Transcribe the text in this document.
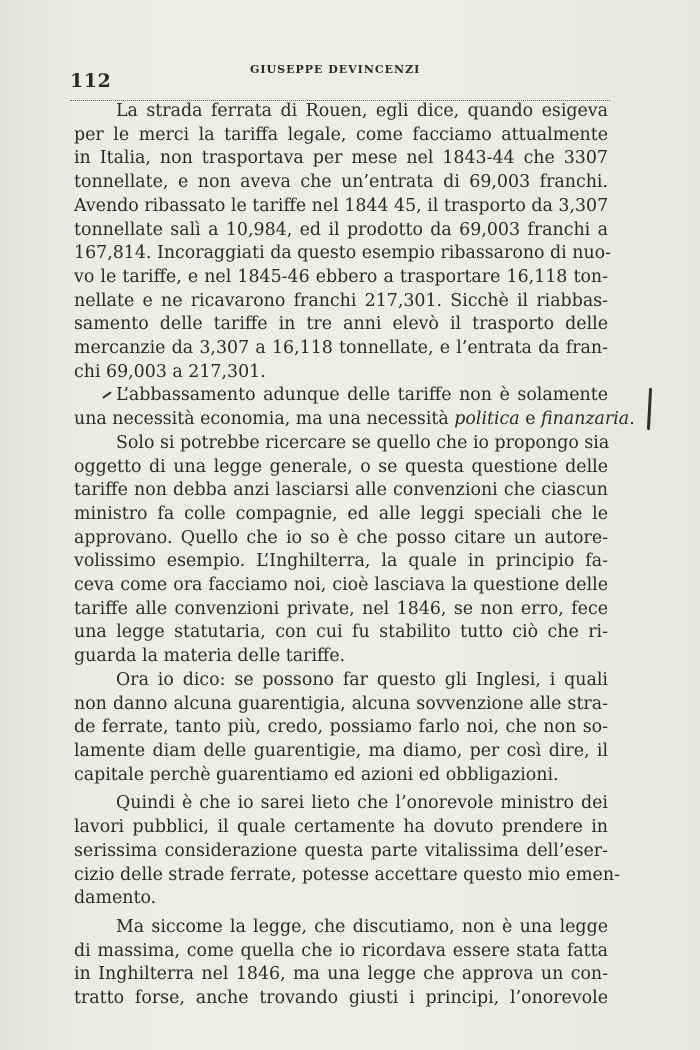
112
GIUSEPPE DEVINCENZI
La strada ferrata di Rouen, egli dice, quando esigeva
per le merci la tariffa legale, come facciamo attualmente
in Italia, non trasportava per mese nel 1843-44 che 3307
tonnellate, e non aveva che un’entrata di 69,003 franchi.
Avendo ribassato le tariffe nel 1844 45, il trasporto da 3,307
tonnellate salì a 10,984, ed il prodotto da 69,003 franchi a
167,814. Incoraggiati da questo esempio ribassarono di nuo-
vo le tariffe, e nel 1845-46 ebbero a trasportare 16,118 ton-
nellate e ne ricavarono franchi 217,301. Sicchè il riabbas-
samento delle tariffe in tre anni elevò il trasporto delle
mercanzie da 3,307 a 16,118 tonnellate, e l’entrata da fran-
chi 69,003 a 217,301.
L’abbassamento adunque delle tariffe non è solamente
una necessità economia, ma una necessità politica e finanzaria.
Solo si potrebbe ricercare se quello che io propongo sia
oggetto di una legge generale, o se questa questione delle
tariffe non debba anzi lasciarsi alle convenzioni che ciascun
ministro fa colle compagnie, ed alle leggi speciali che le
approvano. Quello che io so è che posso citare un autore-
volissimo esempio. L’Inghilterra, la quale in principio fa-
ceva come ora facciamo noi, cioè lasciava la questione delle
tariffe alle convenzioni private, nel 1846, se non erro, fece
una legge statutaria, con cui fu stabilito tutto ciò che ri-
guarda la materia delle tariffe.
Ora io dico: se possono far questo gli Inglesi, i quali
non danno alcuna guarentigia, alcuna sovvenzione alle stra-
de ferrate, tanto più, credo, possiamo farlo noi, che non so-
lamente diam delle guarentigie, ma diamo, per così dire, il
capitale perchè guarentiamo ed azioni ed obbligazioni.
Quindi è che io sarei lieto che l’onorevole ministro dei
lavori pubblici, il quale certamente ha dovuto prendere in
serissima considerazione questa parte vitalissima dell’eser-
cizio delle strade ferrate, potesse accettare questo mio emen-
damento.
Ma siccome la legge, che discutiamo, non è una legge
di massima, come quella che io ricordava essere stata fatta
in Inghilterra nel 1846, ma una legge che approva un con-
tratto forse, anche trovando giusti i principi, l’onorevole
